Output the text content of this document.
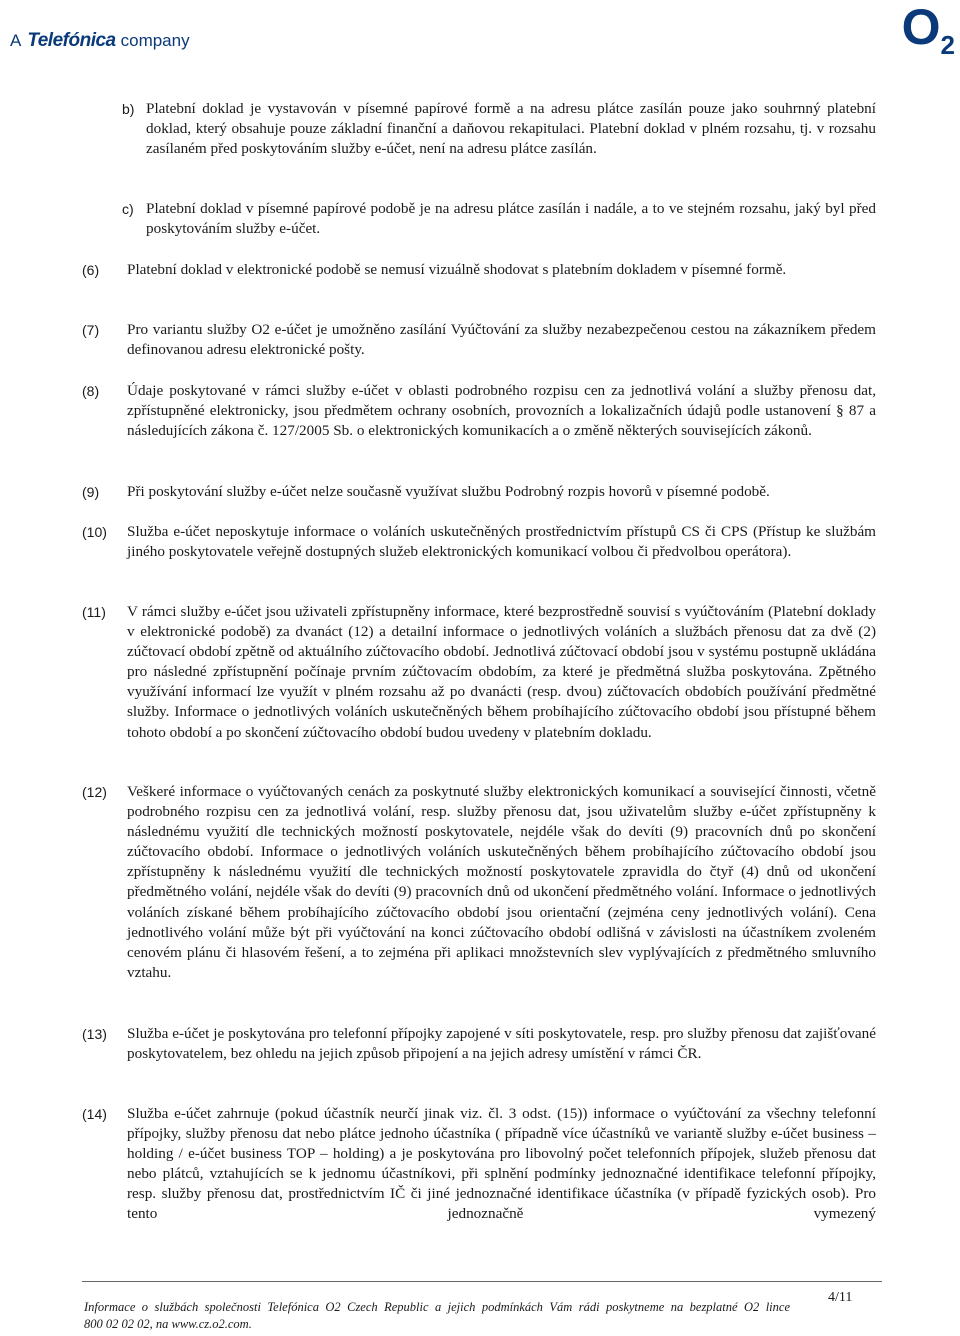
A Telefónica company	O2
b) Platební doklad je vystavován v písemné papírové formě a na adresu plátce zasílán pouze jako souhrnný platební doklad, který obsahuje pouze základní finanční a daňovou rekapitulaci. Platební doklad v plném rozsahu, tj. v rozsahu zasílaném před poskytováním služby e-účet, není na adresu plátce zasílán.
c) Platební doklad v písemné papírové podobě je na adresu plátce zasílán i nadále, a to ve stejném rozsahu, jaký byl před poskytováním služby e-účet.
(6) Platební doklad v elektronické podobě se nemusí vizuálně shodovat s platebním dokladem v písemné formě.
(7) Pro variantu služby O2 e-účet je umožněno zasílání Vyúčtování za služby nezabezpečenou cestou na zákazníkem předem definovanou adresu elektronické pošty.
(8) Údaje poskytované v rámci služby e-účet v oblasti podrobného rozpisu cen za jednotlivá volání a služby přenosu dat, zpřístupněné elektronicky, jsou předmětem ochrany osobních, provozních a lokalizačních údajů podle ustanovení § 87 a následujících zákona č. 127/2005 Sb. o elektronických komunikacích a o změně některých souvisejících zákonů.
(9) Při poskytování služby e-účet nelze současně využívat službu Podrobný rozpis hovorů v písemné podobě.
(10) Služba e-účet neposkytuje informace o voláních uskutečněných prostřednictvím přístupů CS či CPS (Přístup ke službám jiného poskytovatele veřejně dostupných služeb elektronických komunikací volbou či předvolbou operátora).
(11) V rámci služby e-účet jsou uživateli zpřístupněny informace, které bezprostředně souvisí s vyúčtováním (Platební doklady v elektronické podobě) za dvanáct (12) a detailní informace o jednotlivých voláních a službách přenosu dat za dvě (2) zúčtovací období zpětně od aktuálního zúčtovacího období. Jednotlivá zúčtovací období jsou v systému postupně ukládána pro následné zpřístupnění počínaje prvním zúčtovacím obdobím, za které je předmětná služba poskytována. Zpětného využívání informací lze využít v plném rozsahu až po dvanácti (resp. dvou) zúčtovacích obdobích používání předmětné služby. Informace o jednotlivých voláních uskutečněných během probíhajícího zúčtovacího období jsou přístupné během tohoto období a po skončení zúčtovacího období budou uvedeny v platebním dokladu.
(12) Veškeré informace o vyúčtovaných cenách za poskytnuté služby elektronických komunikací a související činnosti, včetně podrobného rozpisu cen za jednotlivá volání, resp. služby přenosu dat, jsou uživatelům služby e-účet zpřístupněny k následnému využití dle technických možností poskytovatele, nejdéle však do devíti (9) pracovních dnů po skončení zúčtovacího období. Informace o jednotlivých voláních uskutečněných během probíhajícího zúčtovacího období jsou zpřístupněny k následnému využití dle technických možností poskytovatele zpravidla do čtyř (4) dnů od ukončení předmětného volání, nejdéle však do devíti (9) pracovních dnů od ukončení předmětného volání. Informace o jednotlivých voláních získané během probíhajícího zúčtovacího období jsou orientační (zejména ceny jednotlivých volání). Cena jednotlivého volání může být při vyúčtování na konci zúčtovacího období odlišná v závislosti na účastníkem zvoleném cenovém plánu či hlasovém řešení, a to zejména při aplikaci množstevních slev vyplývajících z předmětného smluvního vztahu.
(13) Služba e-účet je poskytována pro telefonní přípojky zapojené v síti poskytovatele, resp. pro služby přenosu dat zajišťované poskytovatelem, bez ohledu na jejich způsob připojení a na jejich adresy umístění v rámci ČR.
(14) Služba e-účet zahrnuje (pokud účastník neurčí jinak viz. čl. 3 odst. (15)) informace o vyúčtování za všechny telefonní přípojky, služby přenosu dat nebo plátce jednoho účastníka ( případně více účastníků ve variantě služby e-účet business – holding / e-účet business TOP – holding) a je poskytována pro libovolný počet telefonních přípojek, služeb přenosu dat nebo plátců, vztahujících se k jednomu účastníkovi, při splnění podmínky jednoznačné identifikace telefonní přípojky, resp. služby přenosu dat, prostřednictvím IČ či jiné jednoznačné identifikace účastníka (v případě fyzických osob). Pro tento jednoznačně vymezený
4/11
Informace o službách společnosti Telefónica O2 Czech Republic a jejich podmínkách Vám rádi poskytneme na bezplatné O2 lince
800 02 02 02, na www.cz.o2.com.
